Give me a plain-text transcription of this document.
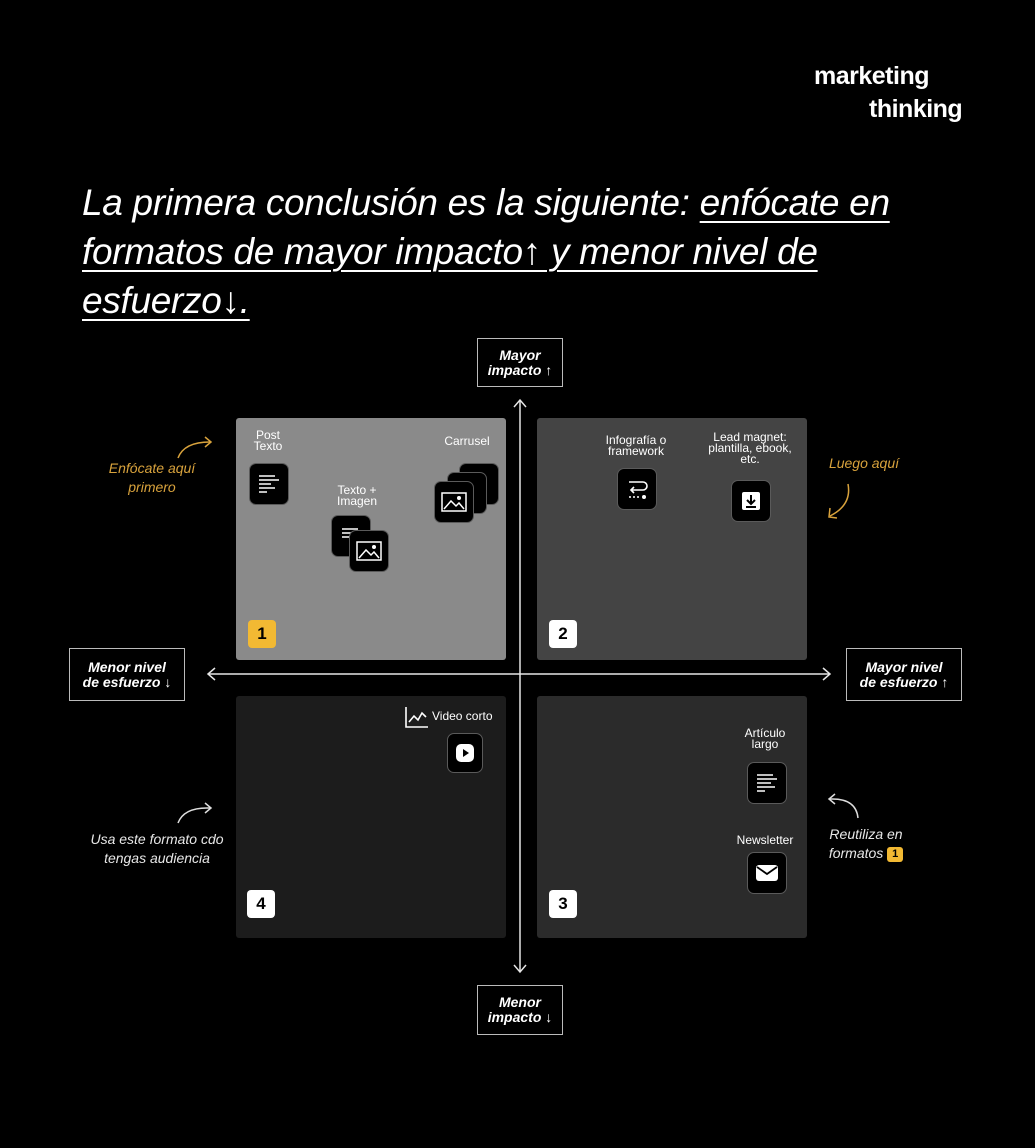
marketing
thinking
La primera conclusión es la siguiente: enfócate en formatos de mayor impacto↑ y menor nivel de esfuerzo↓.
Mayor
impacto ↑
Menor
impacto ↓
Menor nivel
de esfuerzo ↓
Mayor nivel
de esfuerzo ↑
Post
Texto
Texto +
Imagen
Carrusel
1
Infografía o
framework
Lead magnet:
plantilla, ebook,
etc.
2
Video corto
4
Artículo
largo
Newsletter
3
Enfócate aquí
primero
Luego aquí
Usa este formato cdo
tengas audiencia
Reutiliza en
formatos 1
